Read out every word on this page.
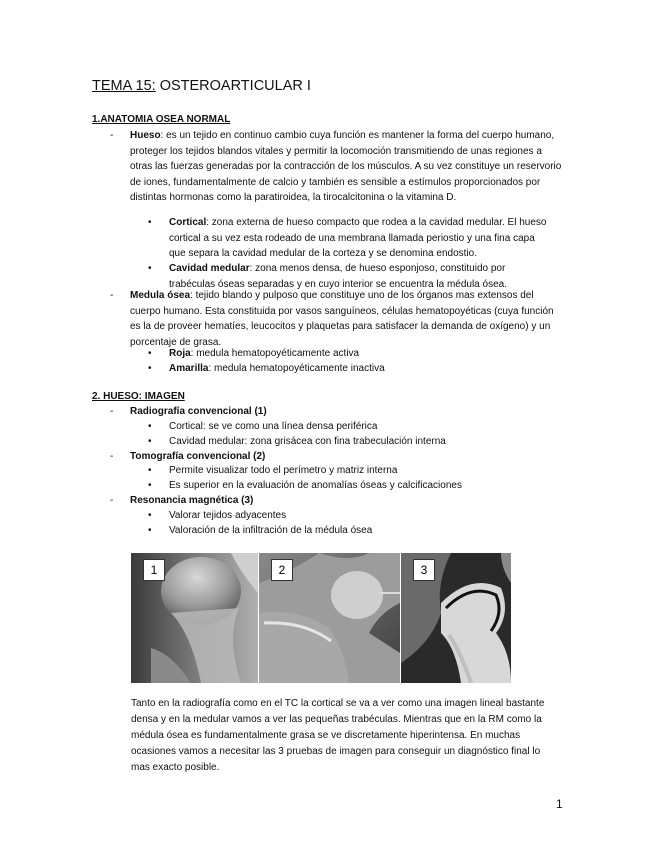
TEMA 15: OSTEROARTICULAR I
1.ANATOMIA OSEA NORMAL
- Hueso: es un tejido en continuo cambio cuya función es mantener la forma del cuerpo humano, proteger los tejidos blandos vitales y permitir la locomoción transmitiendo de unas regiones a otras las fuerzas generadas por la contracción de los músculos. A su vez constituye un reservorio de iones, fundamentalmente de calcio y también es sensible a estímulos proporcionados por distintas hormonas como la paratiroidea, la tirocalcitonina o la vitamina D.
• Cortical: zona externa de hueso compacto que rodea a la cavidad medular. El hueso cortical a su vez esta rodeado de una membrana llamada periostio y una fina capa que separa la cavidad medular de la corteza y se denomina endostio.
• Cavidad medular: zona menos densa, de hueso esponjoso, constituido por trabéculas óseas separadas y en cuyo interior se encuentra la médula ósea.
- Medula ósea: tejido blando y pulposo que constituye uno de los órganos mas extensos del cuerpo humano. Esta constituida por vasos sanguíneos, células hematopoyéticas (cuya función es la de proveer hematíes, leucocitos y plaquetas para satisfacer la demanda de oxígeno) y un porcentaje de grasa.
• Roja: medula hematopoyéticamente activa
• Amarilla: medula hematopoyéticamente inactiva
2. HUESO: IMAGEN
- Radiografía convencional (1)
• Cortical: se ve como una línea densa periférica
• Cavidad medular: zona grisácea con fina trabeculación interna
- Tomografía convencional (2)
• Permite visualizar todo el perímetro y matriz interna
• Es superior en la evaluación de anomalías óseas y calcificaciones
- Resonancia magnética (3)
• Valorar tejidos adyacentes
• Valoración de la infiltración de la médula ósea
1	2	3
Tanto en la radiografía como en el TC la cortical se va a ver como una imagen lineal bastante densa y en la medular vamos a ver las pequeñas trabéculas. Mientras que en la RM como la médula ósea es fundamentalmente grasa se ve discretamente hiperintensa. En muchas ocasiones vamos a necesitar las 3 pruebas de imagen para conseguir un diagnóstico final lo mas exacto posible.
1
